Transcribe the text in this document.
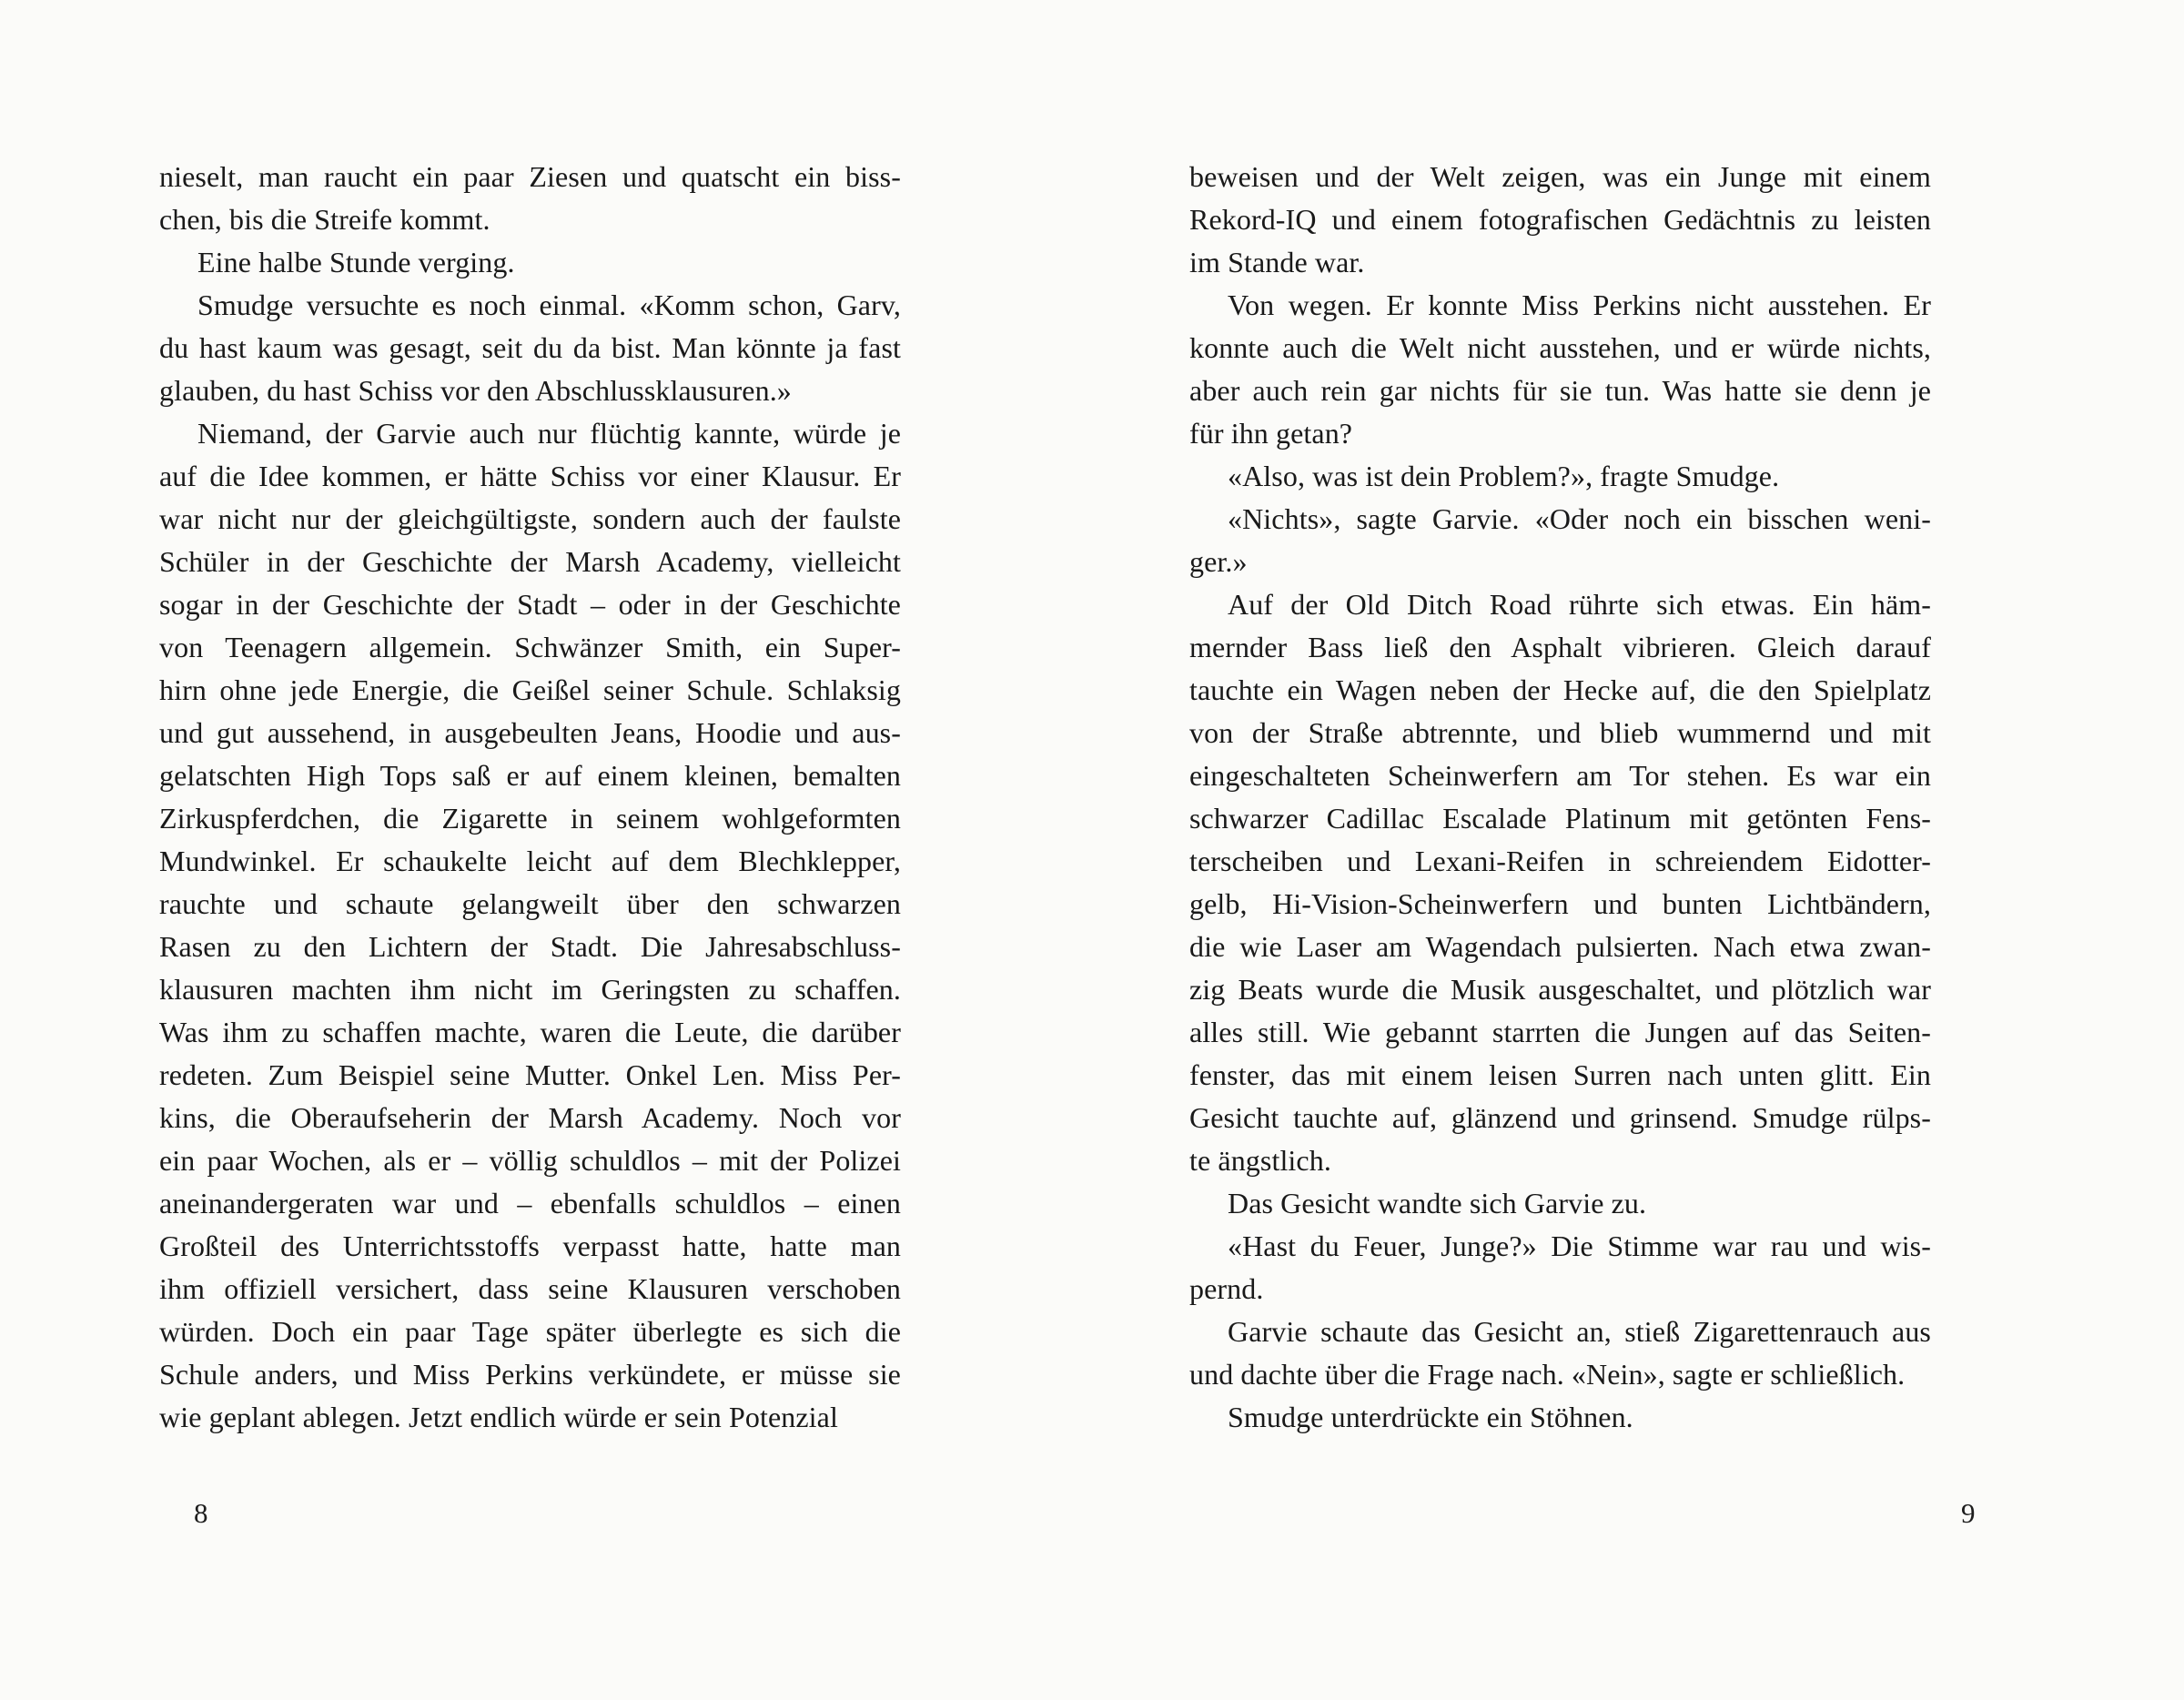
nieselt, man raucht ein paar Ziesen und quatscht ein biss-
chen, bis die Streife kommt.
Eine halbe Stunde verging.
Smudge versuchte es noch einmal. «Komm schon, Garv,
du hast kaum was gesagt, seit du da bist. Man könnte ja fast
glauben, du hast Schiss vor den Abschlussklausuren.»
Niemand, der Garvie auch nur flüchtig kannte, würde je
auf die Idee kommen, er hätte Schiss vor einer Klausur. Er
war nicht nur der gleichgültigste, sondern auch der faulste
Schüler in der Geschichte der Marsh Academy, vielleicht
sogar in der Geschichte der Stadt – oder in der Geschichte
von Teenagern allgemein. Schwänzer Smith, ein Super-
hirn ohne jede Energie, die Geißel seiner Schule. Schlaksig
und gut aussehend, in ausgebeulten Jeans, Hoodie und aus-
gelatschten High Tops saß er auf einem kleinen, bemalten
Zirkuspferdchen, die Zigarette in seinem wohlgeformten
Mundwinkel. Er schaukelte leicht auf dem Blechklepper,
rauchte und schaute gelangweilt über den schwarzen
Rasen zu den Lichtern der Stadt. Die Jahresabschluss-
klausuren machten ihm nicht im Geringsten zu schaffen.
Was ihm zu schaffen machte, waren die Leute, die darüber
redeten. Zum Beispiel seine Mutter. Onkel Len. Miss Per-
kins, die Oberaufseherin der Marsh Academy. Noch vor
ein paar Wochen, als er – völlig schuldlos – mit der Polizei
aneinandergeraten war und – ebenfalls schuldlos – einen
Großteil des Unterrichtsstoffs verpasst hatte, hatte man
ihm offiziell versichert, dass seine Klausuren verschoben
würden. Doch ein paar Tage später überlegte es sich die
Schule anders, und Miss Perkins verkündete, er müsse sie
wie geplant ablegen. Jetzt endlich würde er sein Potenzial
8
beweisen und der Welt zeigen, was ein Junge mit einem
Rekord-IQ und einem fotografischen Gedächtnis zu leisten
im Stande war.
Von wegen. Er konnte Miss Perkins nicht ausstehen. Er
konnte auch die Welt nicht ausstehen, und er würde nichts,
aber auch rein gar nichts für sie tun. Was hatte sie denn je
für ihn getan?
«Also, was ist dein Problem?», fragte Smudge.
«Nichts», sagte Garvie. «Oder noch ein bisschen weni-
ger.»
Auf der Old Ditch Road rührte sich etwas. Ein häm-
mernder Bass ließ den Asphalt vibrieren. Gleich darauf
tauchte ein Wagen neben der Hecke auf, die den Spielplatz
von der Straße abtrennte, und blieb wummernd und mit
eingeschalteten Scheinwerfern am Tor stehen. Es war ein
schwarzer Cadillac Escalade Platinum mit getönten Fens-
terscheiben und Lexani-Reifen in schreiendem Eidotter-
gelb, Hi-Vision-Scheinwerfern und bunten Lichtbändern,
die wie Laser am Wagendach pulsierten. Nach etwa zwan-
zig Beats wurde die Musik ausgeschaltet, und plötzlich war
alles still. Wie gebannt starrten die Jungen auf das Seiten-
fenster, das mit einem leisen Surren nach unten glitt. Ein
Gesicht tauchte auf, glänzend und grinsend. Smudge rülps-
te ängstlich.
Das Gesicht wandte sich Garvie zu.
«Hast du Feuer, Junge?» Die Stimme war rau und wis-
pernd.
Garvie schaute das Gesicht an, stieß Zigarettenrauch aus
und dachte über die Frage nach. «Nein», sagte er schließlich.
Smudge unterdrückte ein Stöhnen.
9
